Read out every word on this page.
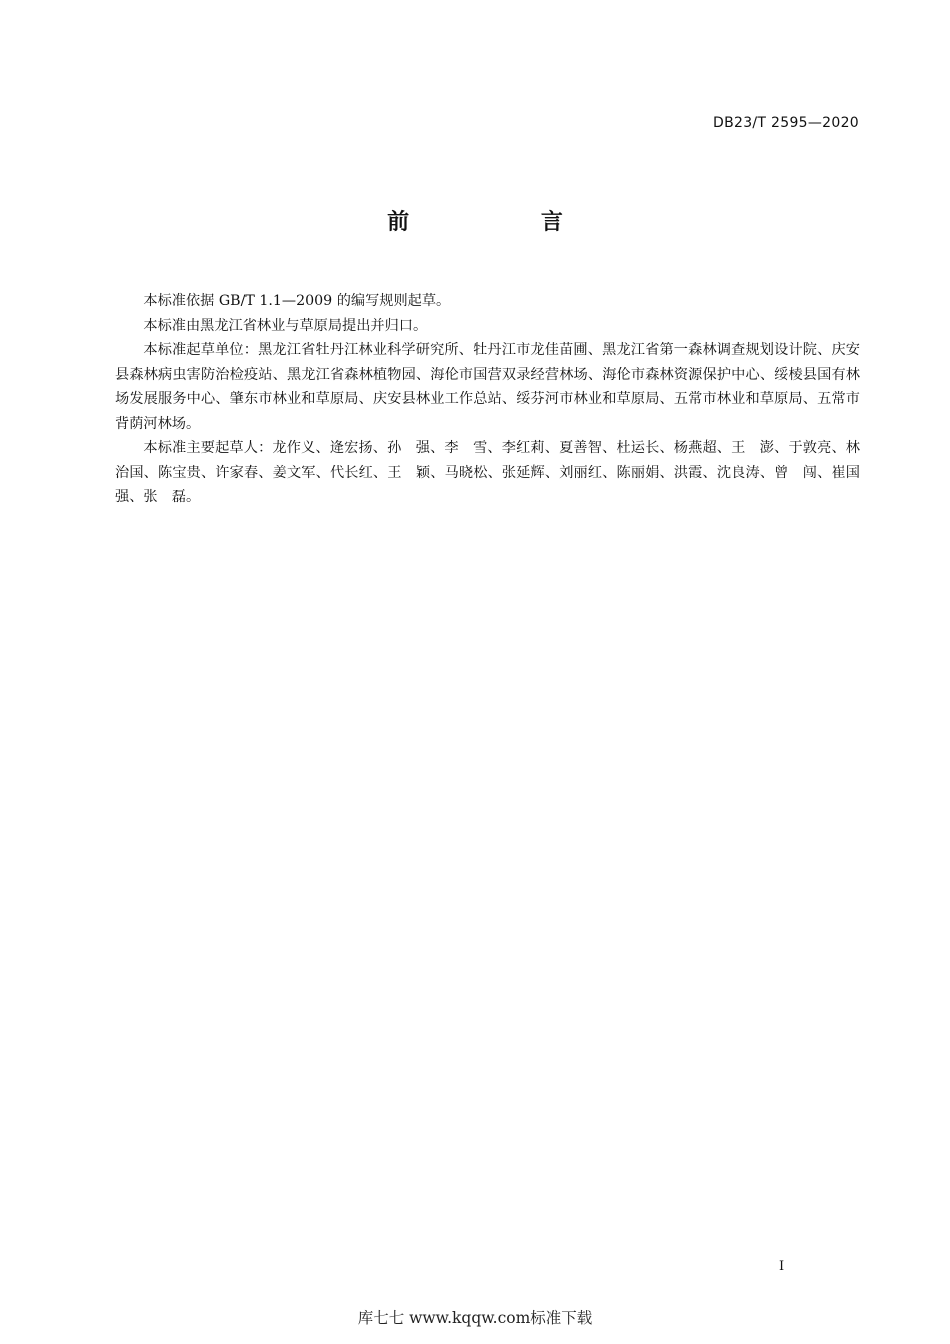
DB23/T 2595—2020
前 言

本标准依据 GB/T 1.1—2009 的编写规则起草。

本标准由黑龙江省林业与草原局提出并归口。

本标准起草单位：黑龙江省牡丹江林业科学研究所、牡丹江市龙佳苗圃、黑龙江省第一森林调查规划设计院、庆安县森林病虫害防治检疫站、黑龙江省森林植物园、海伦市国营双录经营林场、海伦市森林资源保护中心、绥棱县国有林场发展服务中心、肇东市林业和草原局、庆安县林业工作总站、绥芬河市林业和草原局、五常市林业和草原局、五常市背荫河林场。

本标准主要起草人：龙作义、逄宏扬、孙　强、李　雪、李红莉、夏善智、杜运长、杨燕超、王　澎、于敦亮、林治国、陈宝贵、许家春、姜文军、代长红、王　颖、马晓松、张延辉、刘丽红、陈丽娟、洪霞、沈良涛、曾　闯、崔国强、张　磊。

I
库七七 www.kqqw.com标准下载
